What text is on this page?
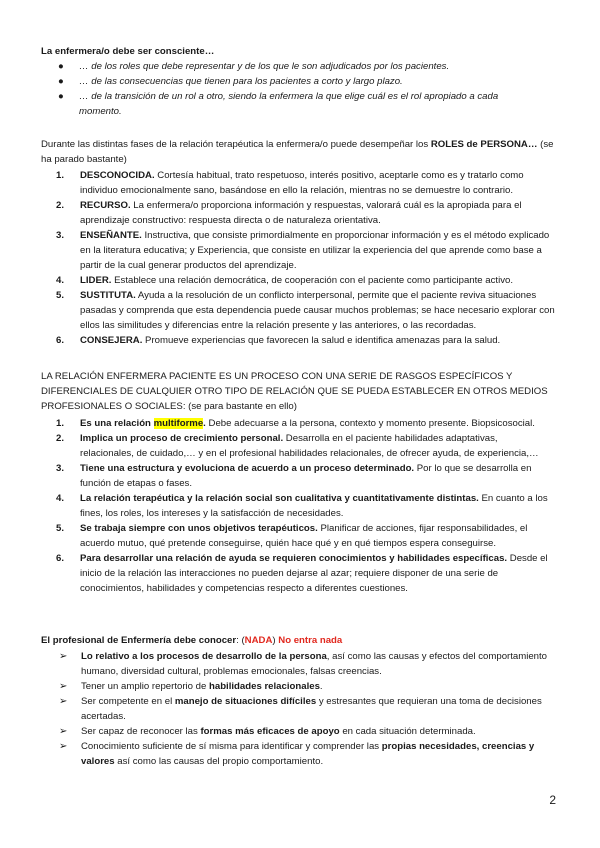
La enfermera/o debe ser consciente…
● … de los roles que debe representar y de los que le son adjudicados por los pacientes.
● … de las consecuencias que tienen para los pacientes a corto y largo plazo.
● … de la transición de un rol a otro, siendo la enfermera la que elige cuál es el rol apropiado a cada momento.

Durante las distintas fases de la relación terapéutica la enfermera/o puede desempeñar los ROLES de PERSONA… (se ha parado bastante)

1. DESCONOCIDA. Cortesía habitual, trato respetuoso, interés positivo, aceptarle como es y tratarlo como individuo emocionalmente sano, basándose en ello la relación, mientras no se demuestre lo contrario.
2. RECURSO. La enfermera/o proporciona información y respuestas, valorará cuál es la apropiada para el aprendizaje constructivo: respuesta directa o de naturaleza orientativa.
3. ENSEÑANTE. Instructiva, que consiste primordialmente en proporcionar información y es el método explicado en la literatura educativa; y Experiencia, que consiste en utilizar la experiencia del que aprende como base a partir de la cual generar productos del aprendizaje.
4. LIDER. Establece una relación democrática, de cooperación con el paciente como participante activo.
5. SUSTITUTA. Ayuda a la resolución de un conflicto interpersonal, permite que el paciente reviva situaciones pasadas y comprenda que esta dependencia puede causar muchos problemas; se hace necesario explorar con ellos las similitudes y diferencias entre la relación presente y las anteriores, o las recordadas.
6. CONSEJERA. Promueve experiencias que favorecen la salud e identifica amenazas para la salud.

LA RELACIÓN ENFERMERA PACIENTE ES UN PROCESO CON UNA SERIE DE RASGOS ESPECÍFICOS Y DIFERENCIALES DE CUALQUIER OTRO TIPO DE RELACIÓN QUE SE PUEDA ESTABLECER EN OTROS MEDIOS PROFESIONALES O SOCIALES: (se para bastante en ello)

1. Es una relación multiforme. Debe adecuarse a la persona, contexto y momento presente. Biopsicosocial.
2. Implica un proceso de crecimiento personal. Desarrolla en el paciente habilidades adaptativas, relacionales, de cuidado,… y en el profesional habilidades relacionales, de ofrecer ayuda, de experiencia,…
3. Tiene una estructura y evoluciona de acuerdo a un proceso determinado. Por lo que se desarrolla en función de etapas o fases.
4. La relación terapéutica y la relación social son cualitativa y cuantitativamente distintas. En cuanto a los fines, los roles, los intereses y la satisfacción de necesidades.
5. Se trabaja siempre con unos objetivos terapéuticos. Planificar de acciones, fijar responsabilidades, el acuerdo mutuo, qué pretende conseguirse, quién hace qué y en qué tiempos espera conseguirse.
6. Para desarrollar una relación de ayuda se requieren conocimientos y habilidades específicas. Desde el inicio de la relación las interacciones no pueden dejarse al azar; requiere disponer de una serie de conocimientos, habilidades y competencias respecto a diferentes cuestiones.

El profesional de Enfermería debe conocer: (NADA) No entra nada

➢ Lo relativo a los procesos de desarrollo de la persona, así como las causas y efectos del comportamiento humano, diversidad cultural, problemas emocionales, falsas creencias.
➢ Tener un amplio repertorio de habilidades relacionales.
➢ Ser competente en el manejo de situaciones difíciles y estresantes que requieran una toma de decisiones acertadas.
➢ Ser capaz de reconocer las formas más eficaces de apoyo en cada situación determinada.
➢ Conocimiento suficiente de sí misma para identificar y comprender las propias necesidades, creencias y valores así como las causas del propio comportamiento.
2
